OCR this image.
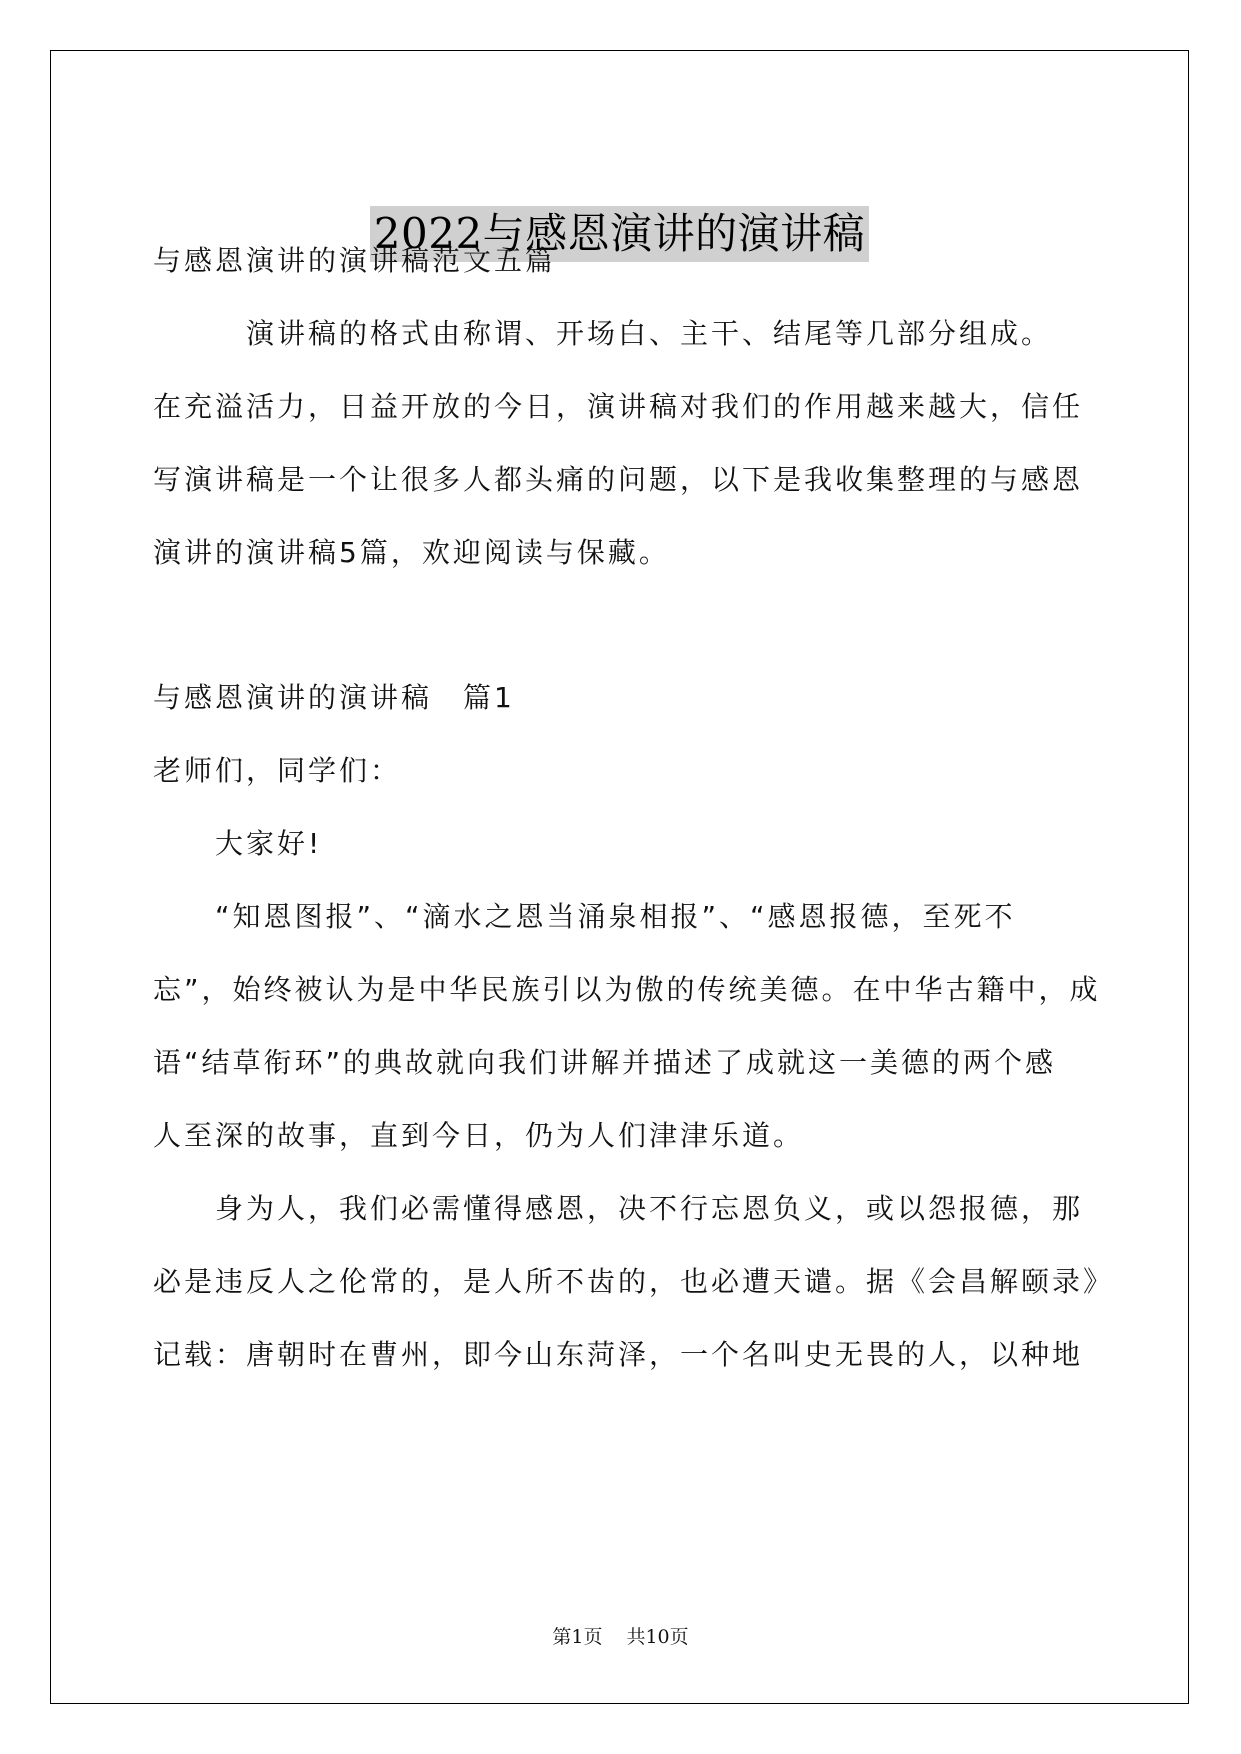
2022与感恩演讲的演讲稿
与感恩演讲的演讲稿范文五篇
　　　演讲稿的格式由称谓、开场白、主干、结尾等几部分组成。
在充溢活力，日益开放的今日，演讲稿对我们的作用越来越大，信任
写演讲稿是一个让很多人都头痛的问题，以下是我收集整理的与感恩
演讲的演讲稿5篇，欢迎阅读与保藏。
与感恩演讲的演讲稿　篇1
老师们，同学们：
　　大家好!
　　“知恩图报”、“滴水之恩当涌泉相报”、“感恩报德，至死不
忘”，始终被认为是中华民族引以为傲的传统美德。在中华古籍中，成
语“结草衔环”的典故就向我们讲解并描述了成就这一美德的两个感
人至深的故事，直到今日，仍为人们津津乐道。
　　身为人，我们必需懂得感恩，决不行忘恩负义，或以怨报德，那
必是违反人之伦常的，是人所不齿的，也必遭天谴。据《会昌解颐录》
记载：唐朝时在曹州，即今山东菏泽，一个名叫史无畏的人，以种地
第1页 共10页
